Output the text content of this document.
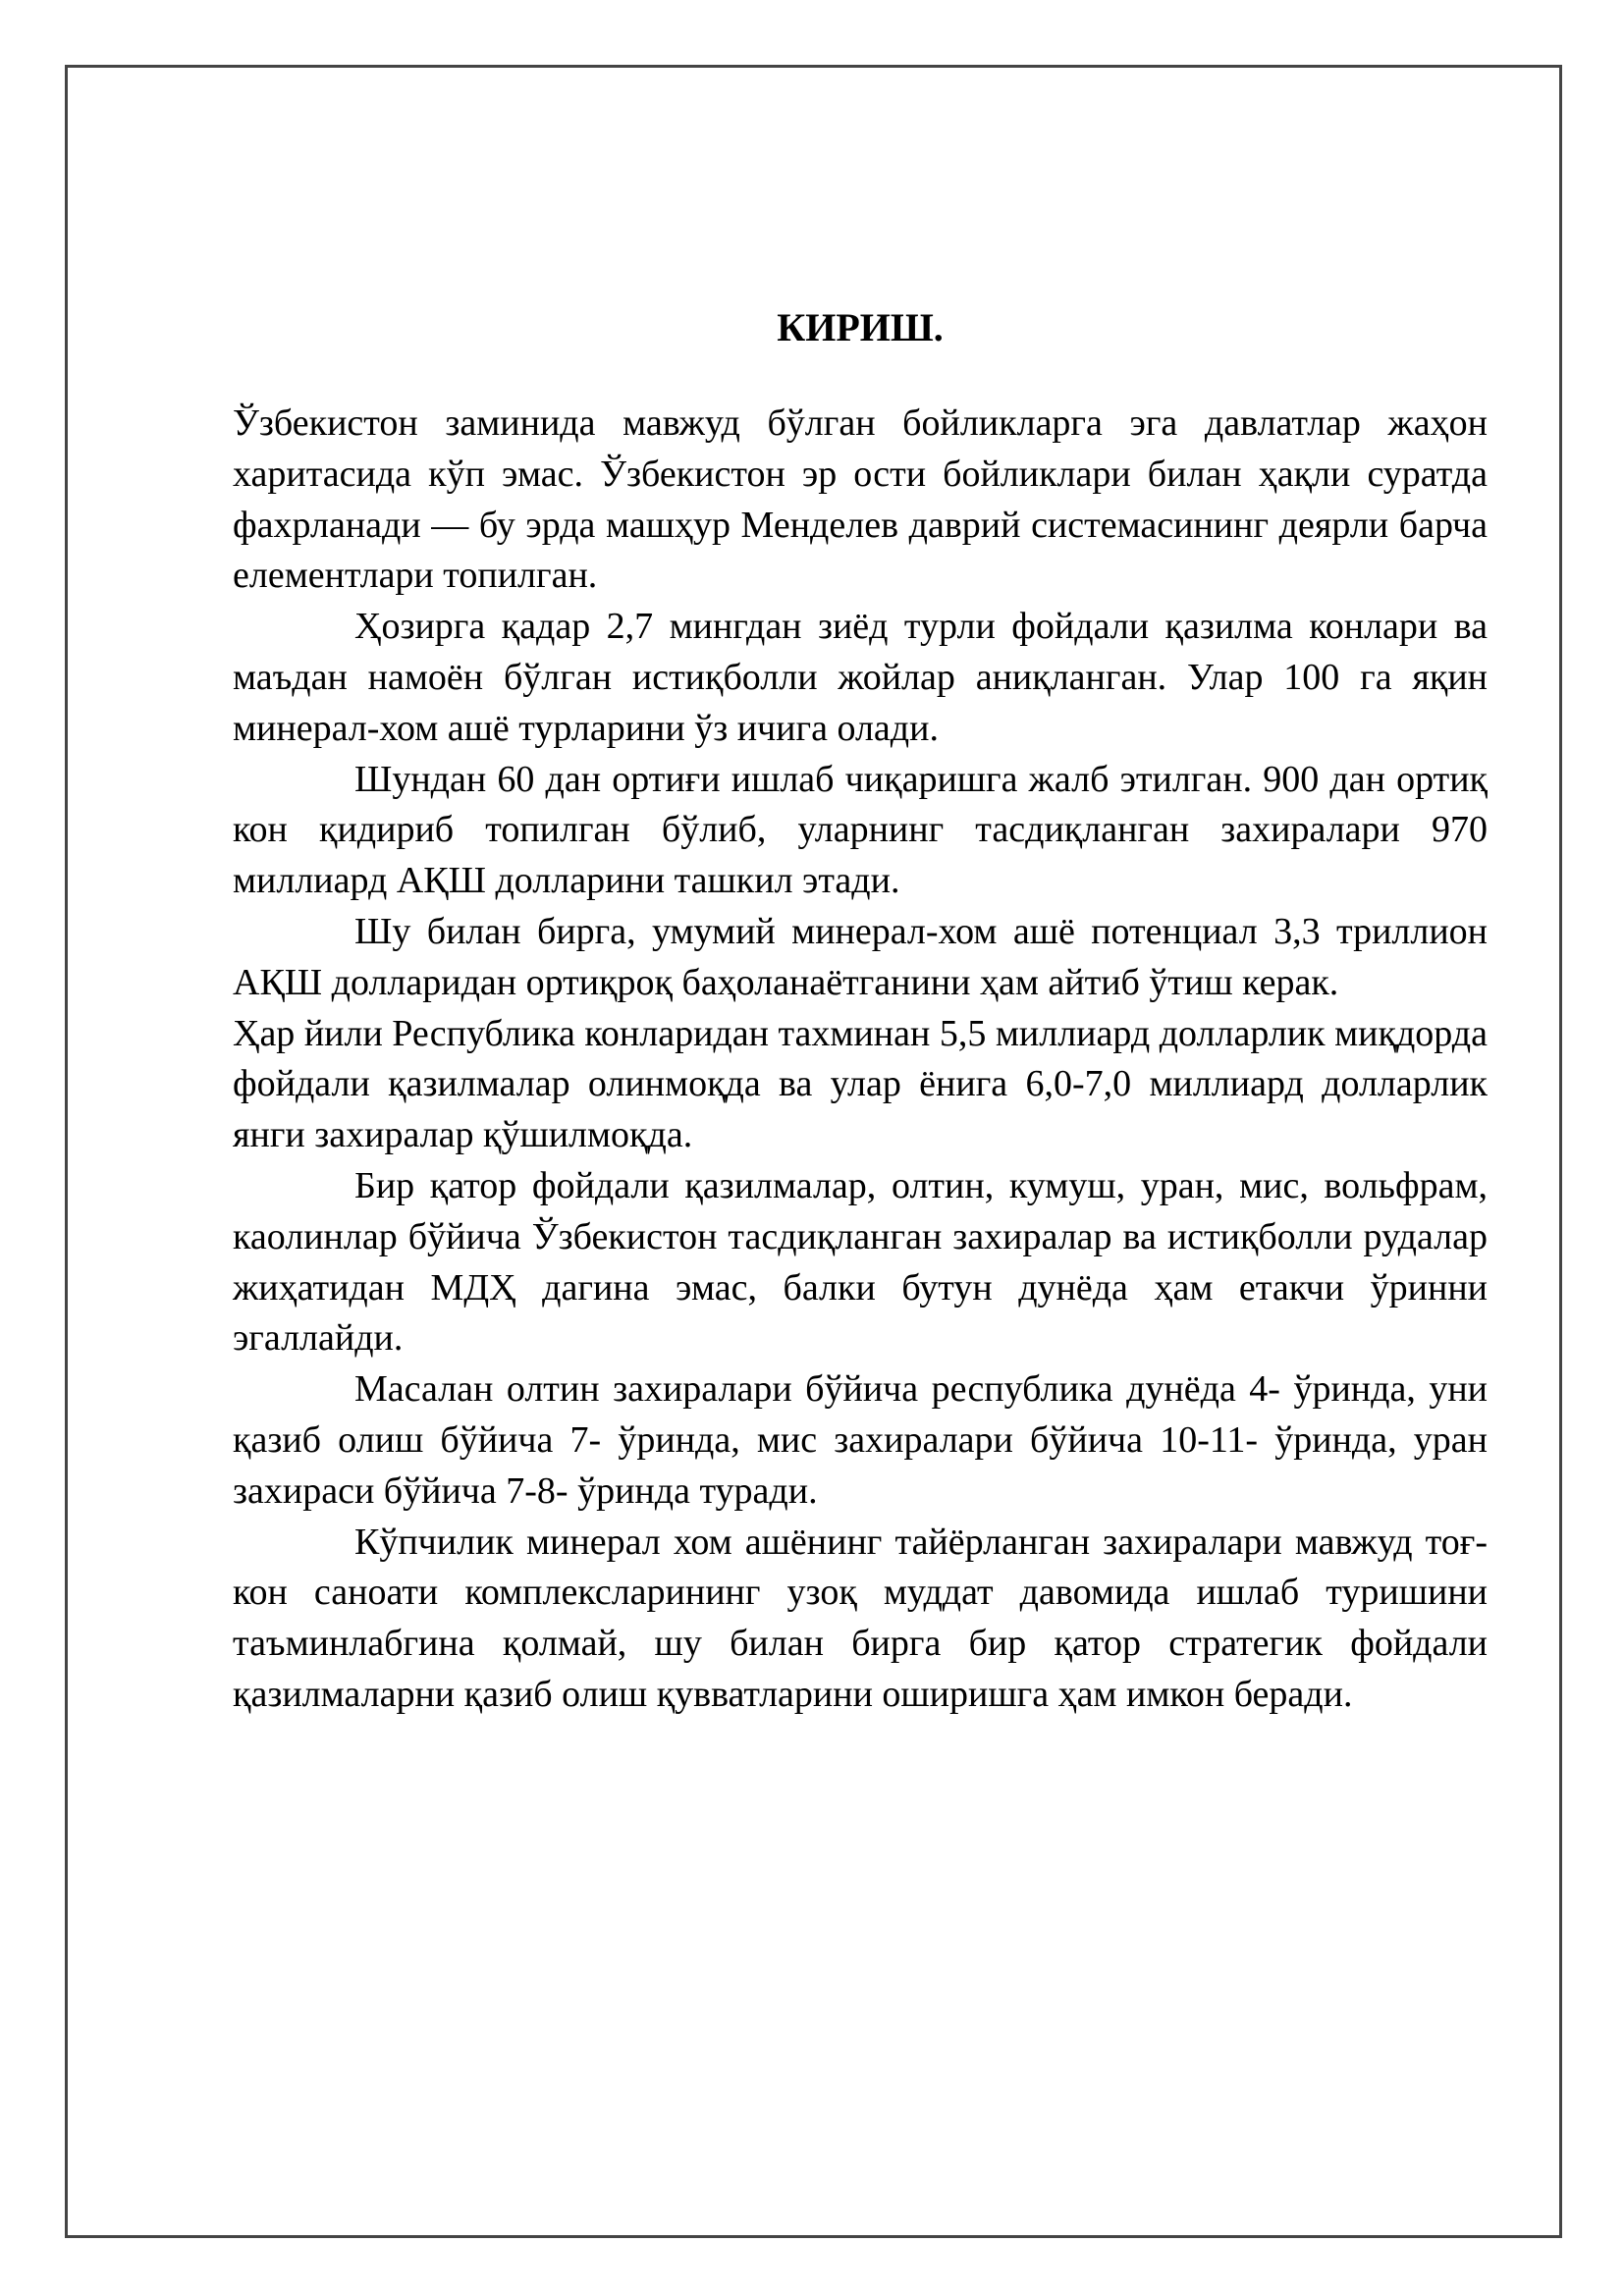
КИРИШ.

Ўзбекистон заминида мавжуд бўлган бойликларга эга давлатлар жаҳон харитасида кўп эмас. Ўзбекистон эр ости бойликлари билан ҳақли суратда фахрланади — бу эрда машҳур Менделев даврий системасининг деярли барча елементлари топилган.

Ҳозирга қадар 2,7 мингдан зиёд турли фойдали қазилма конлари ва маъдан намоён бўлган истиқболли жойлар аниқланган. Улар 100 га яқин минерал-хом ашё турларини ўз ичига олади.

Шундан 60 дан ортиғи ишлаб чиқаришга жалб этилган. 900 дан ортиқ кон қидириб топилган бўлиб, уларнинг тасдиқланган захиралари 970 миллиард АҚШ долларини ташкил этади.

Шу билан бирга, умумий минерал-хом ашё потенциал 3,3 триллион АҚШ долларидан ортиқроқ баҳоланаётганини ҳам айтиб ўтиш керак.

Ҳар йили Республика конларидан тахминан 5,5 миллиард долларлик миқдорда фойдали қазилмалар олинмоқда ва улар ёнига 6,0-7,0 миллиард долларлик янги захиралар қўшилмоқда.

Бир қатор фойдали қазилмалар, олтин, кумуш, уран, мис, вольфрам, каолинлар бўйича Ўзбекистон тасдиқланган захиралар ва истиқболли рудалар жиҳатидан МДҲ дагина эмас, балки бутун дунёда ҳам етакчи ўринни эгаллайди.

Масалан олтин захиралари бўйича республика дунёда 4- ўринда, уни қазиб олиш бўйича 7- ўринда, мис захиралари бўйича 10-11- ўринда, уран захираси бўйича 7-8- ўринда туради.

Кўпчилик минерал хом ашёнинг тайёрланган захиралари мавжуд тоғ-кон саноати комплексларининг узоқ муддат давомида ишлаб туришини таъминлабгина қолмай, шу билан бирга бир қатор стратегик фойдали қазилмаларни қазиб олиш қувватларини оширишга ҳам имкон беради.
